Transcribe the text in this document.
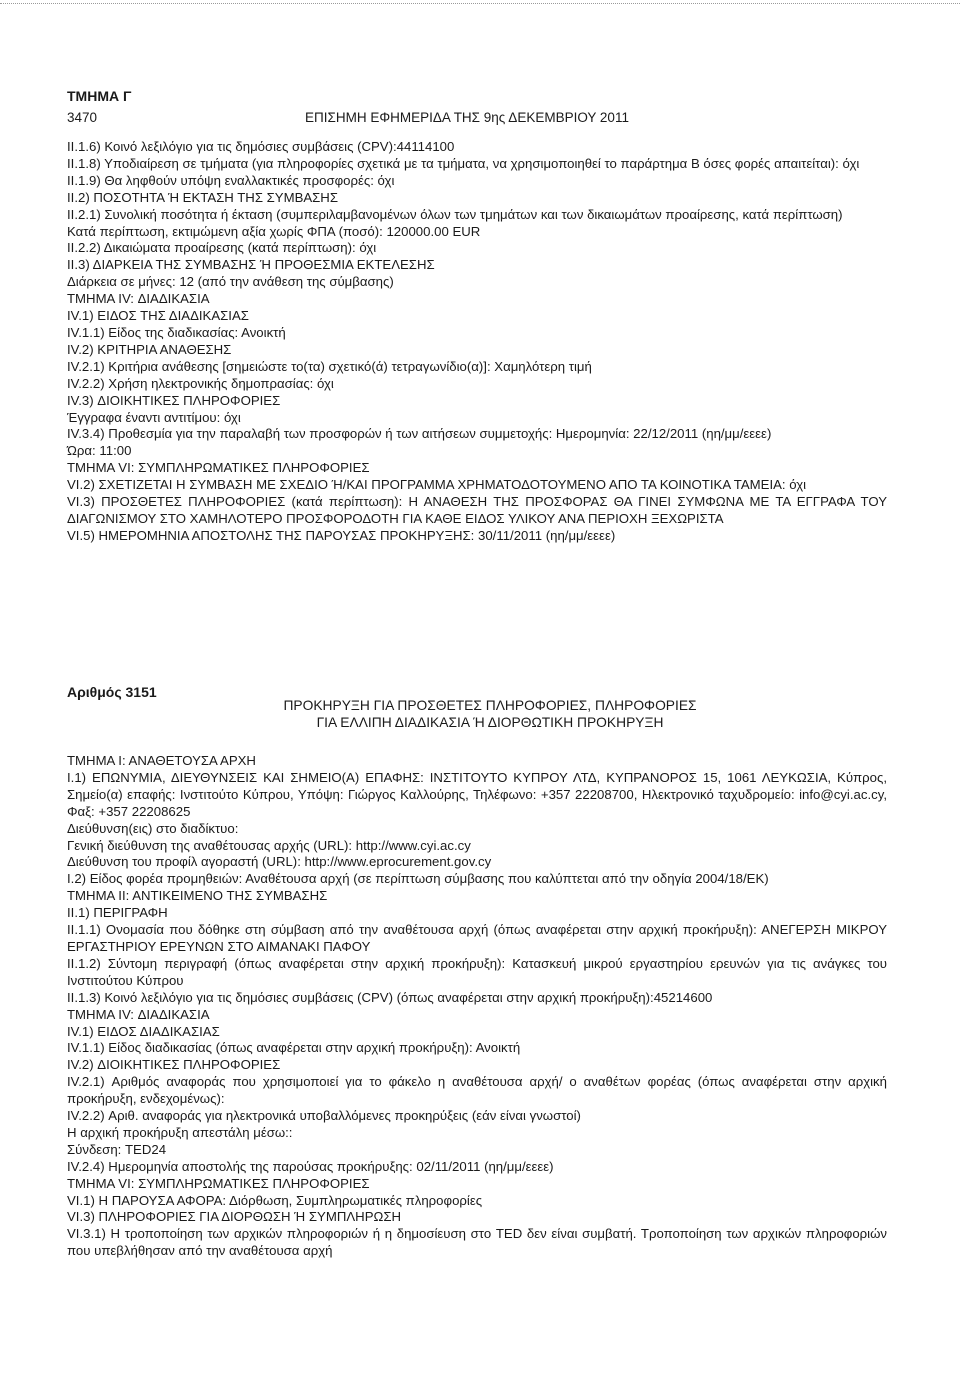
ΤΜΗΜΑ Γ
3470	ΕΠΙΣΗΜΗ ΕΦΗΜΕΡΙΔΑ ΤΗΣ 9ης ΔΕΚΕΜΒΡΙΟΥ 2011
ΙΙ.1.6) Κοινό λεξιλόγιο για τις δημόσιες συμβάσεις (CPV):44114100
ΙΙ.1.8) Υποδιαίρεση σε τμήματα (για πληροφορίες σχετικά με τα τμήματα, να χρησιμοποιηθεί το παράρτημα Β όσες φορές απαιτείται): όχι
ΙΙ.1.9) Θα ληφθούν υπόψη εναλλακτικές προσφορές: όχι
ΙΙ.2) ΠΟΣΟΤΗΤΑ Ή ΕΚΤΑΣΗ ΤΗΣ ΣΥΜΒΑΣΗΣ
ΙΙ.2.1) Συνολική ποσότητα ή έκταση (συμπεριλαμβανομένων όλων των τμημάτων και των δικαιωμάτων προαίρεσης, κατά περίπτωση)
Κατά περίπτωση, εκτιμώμενη αξία χωρίς ΦΠΑ (ποσό): 120000.00 EUR
ΙΙ.2.2) Δικαιώματα προαίρεσης (κατά περίπτωση): όχι
ΙΙ.3) ΔΙΑΡΚΕΙΑ ΤΗΣ ΣΥΜΒΑΣΗΣ Ή ΠΡΟΘΕΣΜΙΑ ΕΚΤΕΛΕΣΗΣ
Διάρκεια σε μήνες: 12 (από την ανάθεση της σύμβασης)
ΤΜΗΜΑ IV: ΔΙΑΔΙΚΑΣΙΑ
IV.1) ΕΙΔΟΣ ΤΗΣ ΔΙΑΔΙΚΑΣΙΑΣ
IV.1.1) Είδος της διαδικασίας: Ανοικτή
IV.2) ΚΡΙΤΗΡΙΑ ΑΝΑΘΕΣΗΣ
IV.2.1) Κριτήρια ανάθεσης [σημειώστε το(τα) σχετικό(ά) τετραγωνίδιο(α)]: Χαμηλότερη τιμή
IV.2.2) Χρήση ηλεκτρονικής δημοπρασίας: όχι
IV.3) ΔΙΟΙΚΗΤΙΚΕΣ ΠΛΗΡΟΦΟΡΙΕΣ
Έγγραφα έναντι αντιτίμου: όχι
IV.3.4) Προθεσμία για την παραλαβή των προσφορών ή των αιτήσεων συμμετοχής: Ημερομηνία: 22/12/2011 (ηη/μμ/εεεε)
Ώρα: 11:00
ΤΜΗΜΑ VI: ΣΥΜΠΛΗΡΩΜΑΤΙΚΕΣ ΠΛΗΡΟΦΟΡΙΕΣ
VI.2) ΣΧΕΤΙΖΕΤΑΙ Η ΣΥΜΒΑΣΗ ΜΕ ΣΧΕΔΙΟ Ή/ΚΑΙ ΠΡΟΓΡΑΜΜΑ ΧΡΗΜΑΤΟΔΟΤΟΥΜΕΝΟ ΑΠΟ ΤΑ ΚΟΙΝΟΤΙΚΑ ΤΑΜΕΙΑ: όχι
VI.3) ΠΡΟΣΘΕΤΕΣ ΠΛΗΡΟΦΟΡΙΕΣ (κατά περίπτωση): Η ΑΝΑΘΕΣΗ ΤΗΣ ΠΡΟΣΦΟΡΑΣ ΘΑ ΓΙΝΕΙ ΣΥΜΦΩΝΑ ΜΕ ΤΑ ΕΓΓΡΑΦΑ ΤΟΥ ΔΙΑΓΩΝΙΣΜΟΥ ΣΤΟ ΧΑΜΗΛΟΤΕΡΟ ΠΡΟΣΦΟΡΟΔΟΤΗ ΓΙΑ ΚΑΘΕ ΕΙΔΟΣ ΥΛΙΚΟΥ ΑΝΑ ΠΕΡΙΟΧΗ ΞΕΧΩΡΙΣΤΑ
VI.5) ΗΜΕΡΟΜΗΝΙΑ ΑΠΟΣΤΟΛΗΣ ΤΗΣ ΠΑΡΟΥΣΑΣ ΠΡΟΚΗΡΥΞΗΣ: 30/11/2011 (ηη/μμ/εεεε)
Αριθμός 3151
ΠΡΟΚΗΡΥΞΗ ΓΙΑ ΠΡΟΣΘΕΤΕΣ ΠΛΗΡΟΦΟΡΙΕΣ, ΠΛΗΡΟΦΟΡΙΕΣ
ΓΙΑ ΕΛΛΙΠΗ ΔΙΑΔΙΚΑΣΙΑ Ή ΔΙΟΡΘΩΤΙΚΗ ΠΡΟΚΗΡΥΞΗ
ΤΜΗΜΑ Ι: ΑΝΑΘΕΤΟΥΣΑ ΑΡΧΗ
Ι.1) ΕΠΩΝΥΜΙΑ, ΔΙΕΥΘΥΝΣΕΙΣ ΚΑΙ ΣΗΜΕΙΟ(Α) ΕΠΑΦΗΣ: ΙΝΣΤΙΤΟΥΤΟ ΚΥΠΡΟΥ ΛΤΔ, ΚΥΠΡΑΝΟΡΟΣ 15, 1061 ΛΕΥΚΩΣΙΑ, Κύπρος, Σημείο(α) επαφής: Ινστιτούτο Κύπρου, Υπόψη: Γιώργος Καλλούρης, Τηλέφωνο: +357 22208700, Ηλεκτρονικό ταχυδρομείο: info@cyi.ac.cy, Φαξ: +357 22208625
Διεύθυνση(εις) στο διαδίκτυο:
Γενική διεύθυνση της αναθέτουσας αρχής (URL): http://www.cyi.ac.cy
Διεύθυνση του προφίλ αγοραστή (URL): http://www.eprocurement.gov.cy
Ι.2) Είδος φορέα προμηθειών: Αναθέτουσα αρχή (σε περίπτωση σύμβασης που καλύπτεται από την οδηγία 2004/18/ΕΚ)
ΤΜΗΜΑ ΙΙ: ΑΝΤΙΚΕΙΜΕΝΟ ΤΗΣ ΣΥΜΒΑΣΗΣ
ΙΙ.1) ΠΕΡΙΓΡΑΦΗ
ΙΙ.1.1) Ονομασία που δόθηκε στη σύμβαση από την αναθέτουσα αρχή (όπως αναφέρεται στην αρχική προκήρυξη): ΑΝΕΓΕΡΣΗ ΜΙΚΡΟΥ ΕΡΓΑΣΤΗΡΙΟΥ ΕΡΕΥΝΩΝ ΣΤΟ ΑΙΜΑΝΑΚΙ ΠΑΦΟΥ
ΙΙ.1.2) Σύντομη περιγραφή (όπως αναφέρεται στην αρχική προκήρυξη): Κατασκευή μικρού εργαστηρίου ερευνών για τις ανάγκες του Ινστιτούτου Κύπρου
ΙΙ.1.3) Κοινό λεξιλόγιο για τις δημόσιες συμβάσεις (CPV) (όπως αναφέρεται στην αρχική προκήρυξη):45214600
ΤΜΗΜΑ IV: ΔΙΑΔΙΚΑΣΙΑ
IV.1) ΕΙΔΟΣ ΔΙΑΔΙΚΑΣΙΑΣ
IV.1.1) Είδος διαδικασίας (όπως αναφέρεται στην αρχική προκήρυξη): Ανοικτή
IV.2) ΔΙΟΙΚΗΤΙΚΕΣ ΠΛΗΡΟΦΟΡΙΕΣ
IV.2.1) Αριθμός αναφοράς που χρησιμοποιεί για το φάκελο η αναθέτουσα αρχή/ ο αναθέτων φορέας (όπως αναφέρεται στην αρχική προκήρυξη, ενδεχομένως):
IV.2.2) Αριθ. αναφοράς για ηλεκτρονικά υποβαλλόμενες προκηρύξεις (εάν είναι γνωστοί)
Η αρχική προκήρυξη απεστάλη μέσω::
Σύνδεση: TED24
IV.2.4) Ημερομηνία αποστολής της παρούσας προκήρυξης: 02/11/2011 (ηη/μμ/εεεε)
ΤΜΗΜΑ VI: ΣΥΜΠΛΗΡΩΜΑΤΙΚΕΣ ΠΛΗΡΟΦΟΡΙΕΣ
VI.1) Η ΠΑΡΟΥΣΑ ΑΦΟΡΑ: Διόρθωση, Συμπληρωματικές πληροφορίες
VI.3) ΠΛΗΡΟΦΟΡΙΕΣ ΓΙΑ ΔΙΟΡΘΩΣΗ Ή ΣΥΜΠΛΗΡΩΣΗ
VI.3.1) Η τροποποίηση των αρχικών πληροφοριών ή η δημοσίευση στο TED δεν είναι συμβατή. Τροποποίηση των αρχικών πληροφοριών που υπεβλήθησαν από την αναθέτουσα αρχή
